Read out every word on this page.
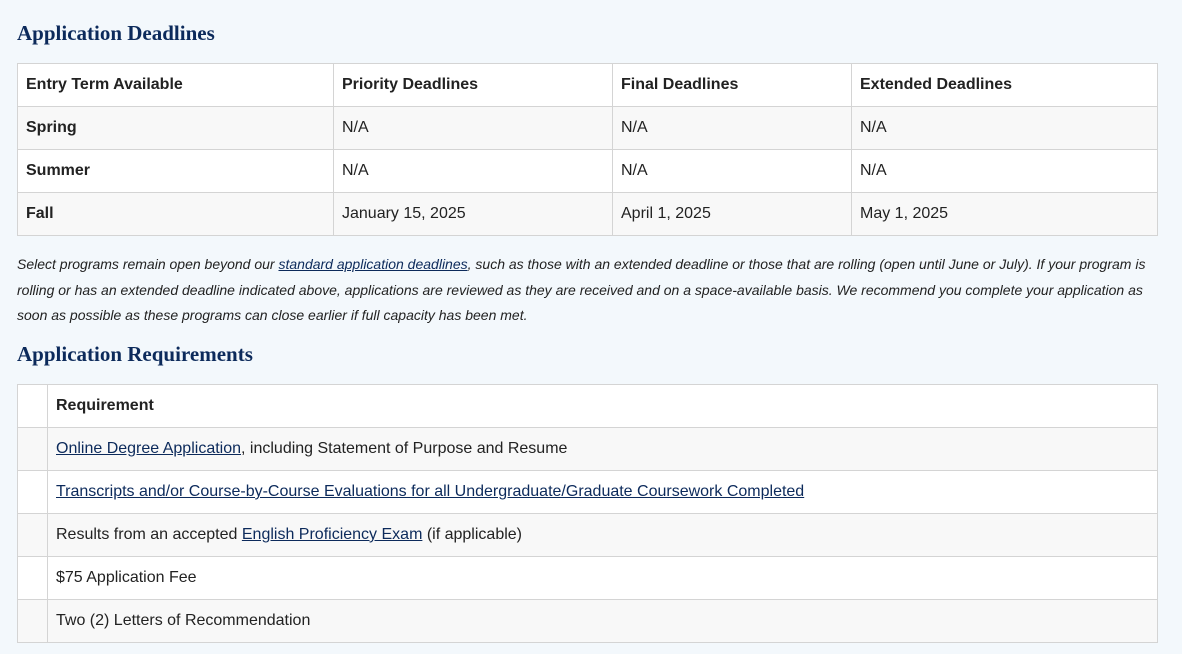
Application Deadlines
Entry Term Available	Priority Deadlines	Final Deadlines	Extended Deadlines
Spring	N/A	N/A	N/A
Summer	N/A	N/A	N/A
Fall	January 15, 2025	April 1, 2025	May 1, 2025

Select programs remain open beyond our standard application deadlines, such as those with an extended deadline or those that are rolling (open until June or July). If your program is rolling or has an extended deadline indicated above, applications are reviewed as they are received and on a space-available basis. We recommend you complete your application as soon as possible as these programs can close earlier if full capacity has been met.

Application Requirements
	Requirement
	Online Degree Application, including Statement of Purpose and Resume
	Transcripts and/or Course-by-Course Evaluations for all Undergraduate/Graduate Coursework Completed
	Results from an accepted English Proficiency Exam (if applicable)
	$75 Application Fee
	Two (2) Letters of Recommendation
